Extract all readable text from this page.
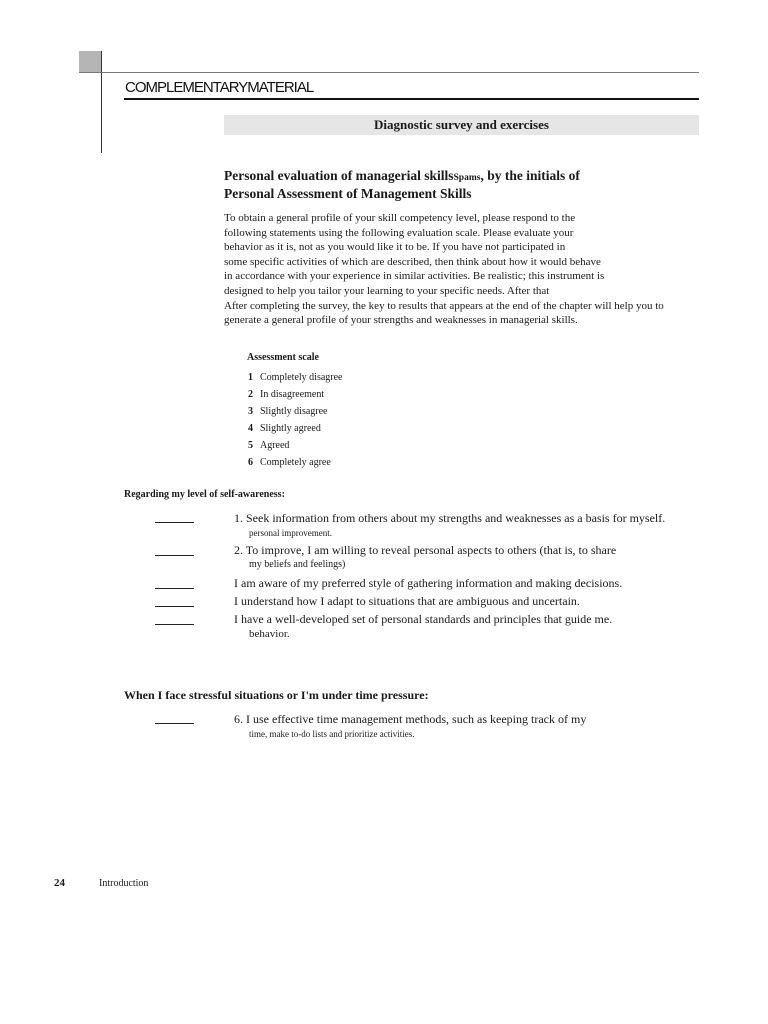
COMPLEMENTARYMATERIAL
Diagnostic survey and exercises
Personal evaluation of managerial skillsSpams, by the initials of
Personal Assessment of Management Skills
To obtain a general profile of your skill competency level, please respond to the
following statements using the following evaluation scale. Please evaluate your
behavior as it is, not as you would like it to be. If you have not participated in
some specific activities of which are described, then think about how it would behave
in accordance with your experience in similar activities. Be realistic; this instrument is
designed to help you tailor your learning to your specific needs. After that
After completing the survey, the key to results that appears at the end of the chapter will help you to
generate a general profile of your strengths and weaknesses in managerial skills.
Assessment scale
1 Completely disagree
2 In disagreement
3 Slightly disagree
4 Slightly agreed
5 Agreed
6 Completely agree
Regarding my level of self-awareness:
1. Seek information from others about my strengths and weaknesses as a basis for myself.
personal improvement.
2. To improve, I am willing to reveal personal aspects to others (that is, to share
my beliefs and feelings)
I am aware of my preferred style of gathering information and making decisions.
I understand how I adapt to situations that are ambiguous and uncertain.
I have a well-developed set of personal standards and principles that guide me.
behavior.
When I face stressful situations or I'm under time pressure:
6. I use effective time management methods, such as keeping track of my
time, make to-do lists and prioritize activities.
24	Introduction
